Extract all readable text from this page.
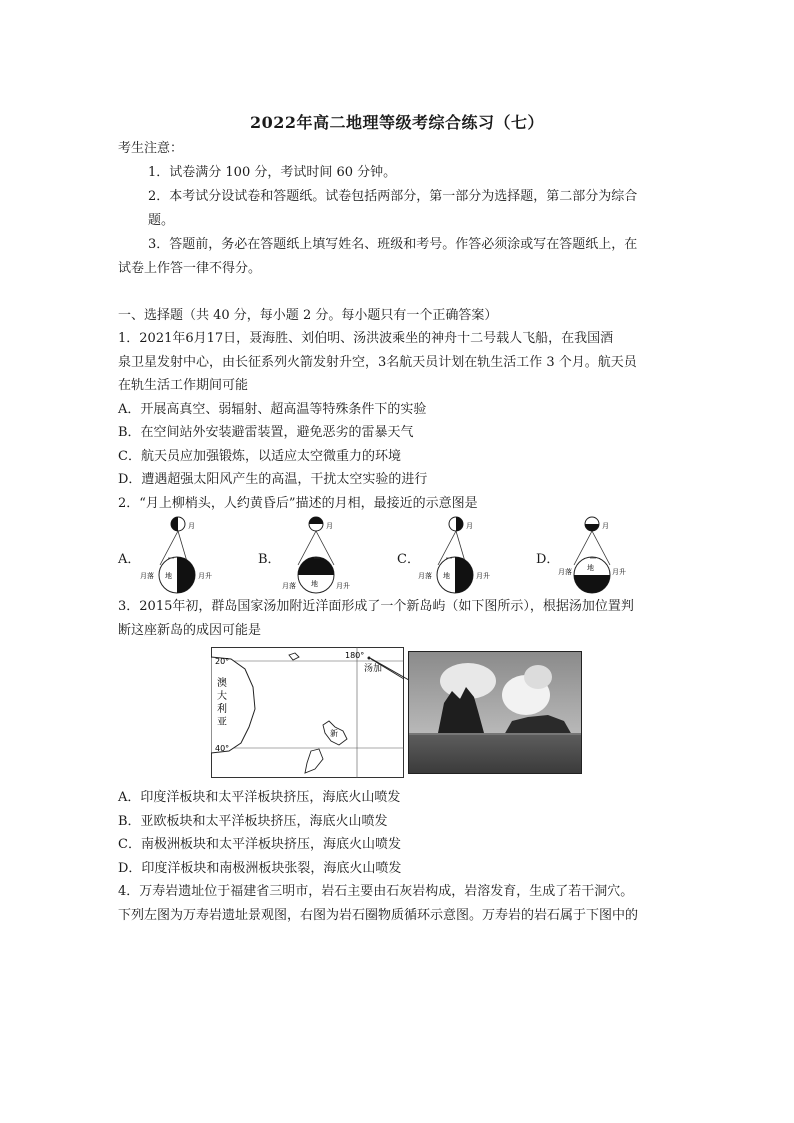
2022年高二地理等级考综合练习（七）
考生注意：
1．试卷满分 100 分，考试时间 60 分钟。
2．本考试分设试卷和答题纸。试卷包括两部分，第一部分为选择题，第二部分为综合
题。
3．答题前，务必在答题纸上填写姓名、班级和考号。作答必须涂或写在答题纸上，在
试卷上作答一律不得分。
一、选择题（共 40 分，每小题 2 分。每小题只有一个正确答案）
1．2021年6月17日，聂海胜、刘伯明、汤洪波乘坐的神舟十二号载人飞船，在我国酒
泉卫星发射中心，由长征系列火箭发射升空，3名航天员计划在轨生活工作 3 个月。航天员
在轨生活工作期间可能
A．开展高真空、弱辐射、超高温等特殊条件下的实验
B．在空间站外安装避雷装置，避免恶劣的雷暴天气
C．航天员应加强锻炼，以适应太空微重力的环境
D．遭遇超强太阳风产生的高温，干扰太空实验的进行
2．“月上柳梢头，人约黄昏后”描述的月相，最接近的示意图是
A．	B．	C．	D．
月
地
月落	月升
月
地
月落	月升
月
地
月落	月升
月
地
月落	月升
3．2015年初，群岛国家汤加附近洋面形成了一个新岛屿（如下图所示），根据汤加位置判
断这座新岛的成因可能是
20°
40°
180°
汤加
新
澳
大
利
亚
A．印度洋板块和太平洋板块挤压，海底火山喷发
B．亚欧板块和太平洋板块挤压，海底火山喷发
C．南极洲板块和太平洋板块挤压，海底火山喷发
D．印度洋板块和南极洲板块张裂，海底火山喷发
4．万寿岩遗址位于福建省三明市，岩石主要由石灰岩构成，岩溶发育，生成了若干洞穴。
下列左图为万寿岩遗址景观图，右图为岩石圈物质循环示意图。万寿岩的岩石属于下图中的
